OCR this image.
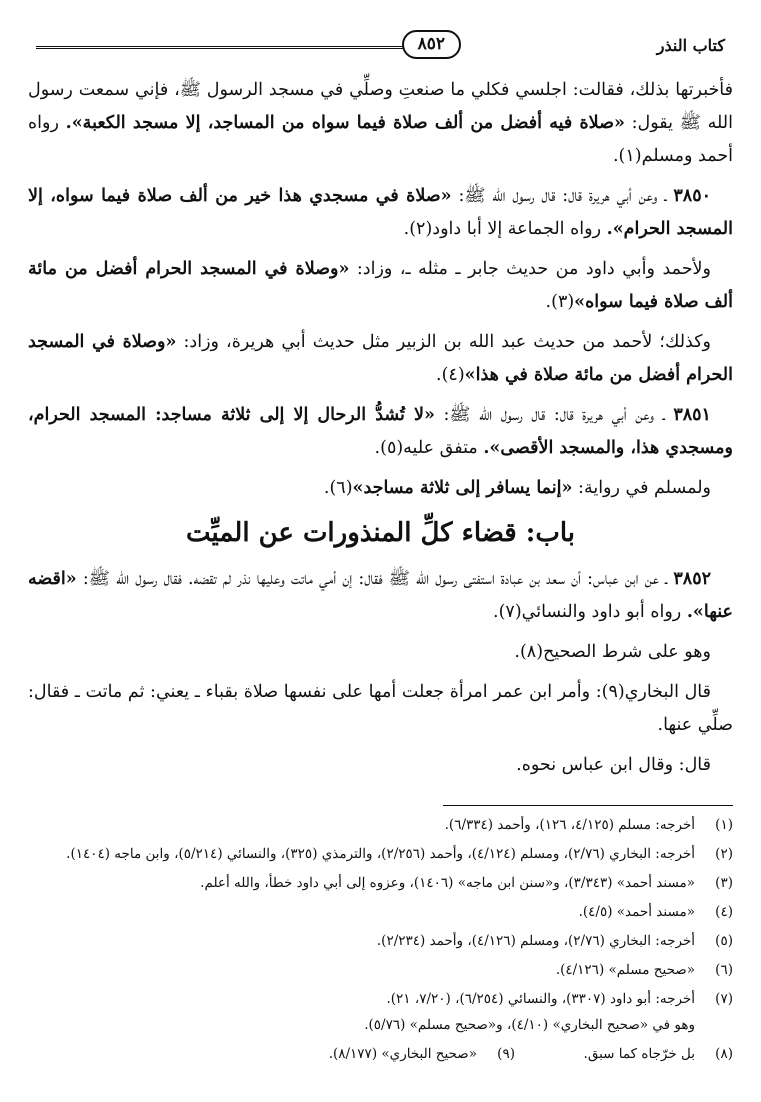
كتاب النذر
٨٥٢

فأخبرتها بذلك، فقالت: اجلسي فكلي ما صنعتِ وصلِّي في مسجد الرسول ﷺ، فإني سمعت رسول الله ﷺ يقول: «صلاة فيه أفضل من ألف صلاة فيما سواه من المساجد، إلا مسجد الكعبة». رواه أحمد ومسلم(١).

٣٨٥٠ ـ وعن أبي هريرة قال: قال رسول الله ﷺ: «صلاة في مسجدي هذا خير من ألف صلاة فيما سواه، إلا المسجد الحرام». رواه الجماعة إلا أبا داود(٢).

ولأحمد وأبي داود من حديث جابر ـ مثله ـ، وزاد: «وصلاة في المسجد الحرام أفضل من مائة ألف صلاة فيما سواه»(٣).

وكذلك؛ لأحمد من حديث عبد الله بن الزبير مثل حديث أبي هريرة، وزاد: «وصلاة في المسجد الحرام أفضل من مائة صلاة في هذا»(٤).

٣٨٥١ ـ وعن أبي هريرة قال: قال رسول الله ﷺ: «لا تُشدُّ الرحال إلا إلى ثلاثة مساجد: المسجد الحرام، ومسجدي هذا، والمسجد الأقصى». متفق عليه(٥).

ولمسلم في رواية: «إنما يسافر إلى ثلاثة مساجد»(٦).

باب: قضاء كلِّ المنذورات عن الميِّت

٣٨٥٢ ـ عن ابن عباس: أن سعد بن عبادة استفتى رسول الله ﷺ فقال: إن أمي ماتت وعليها نذر لم تقضه. فقال رسول الله ﷺ: «اقضه عنها». رواه أبو داود والنسائي(٧).

وهو على شرط الصحيح(٨).

قال البخاري(٩): وأمر ابن عمر امرأة جعلت أمها على نفسها صلاة بقباء ـ يعني: ثم ماتت ـ فقال: صلِّي عنها.

قال: وقال ابن عباس نحوه.

(١)
أخرجه: مسلم (٤/١٢٥، ١٢٦)، وأحمد (٦/٣٣٤).
(٢)
أخرجه: البخاري (٢/٧٦)، ومسلم (٤/١٢٤)، وأحمد (٢/٢٥٦)، والترمذي (٣٢٥)، والنسائي (٥/٢١٤)، وابن ماجه (١٤٠٤).
(٣)
«مسند أحمد» (٣/٣٤٣)، و«سنن ابن ماجه» (١٤٠٦)، وعزوه إلى أبي داود خطأ، والله أعلم.
(٤)
«مسند أحمد» (٤/٥).
(٥)
أخرجه: البخاري (٢/٧٦)، ومسلم (٤/١٢٦)، وأحمد (٢/٢٣٤).
(٦)
«صحيح مسلم» (٤/١٢٦).
(٧)
أخرجه: أبو داود (٣٣٠٧)، والنسائي (٦/٢٥٤)، (٧/٢٠، ٢١).
وهو في «صحيح البخاري» (٤/١٠)، و«صحيح مسلم» (٥/٧٦).
(٨)
بل خرّجاه كما سبق.
(٩)
«صحيح البخاري» (٨/١٧٧).
